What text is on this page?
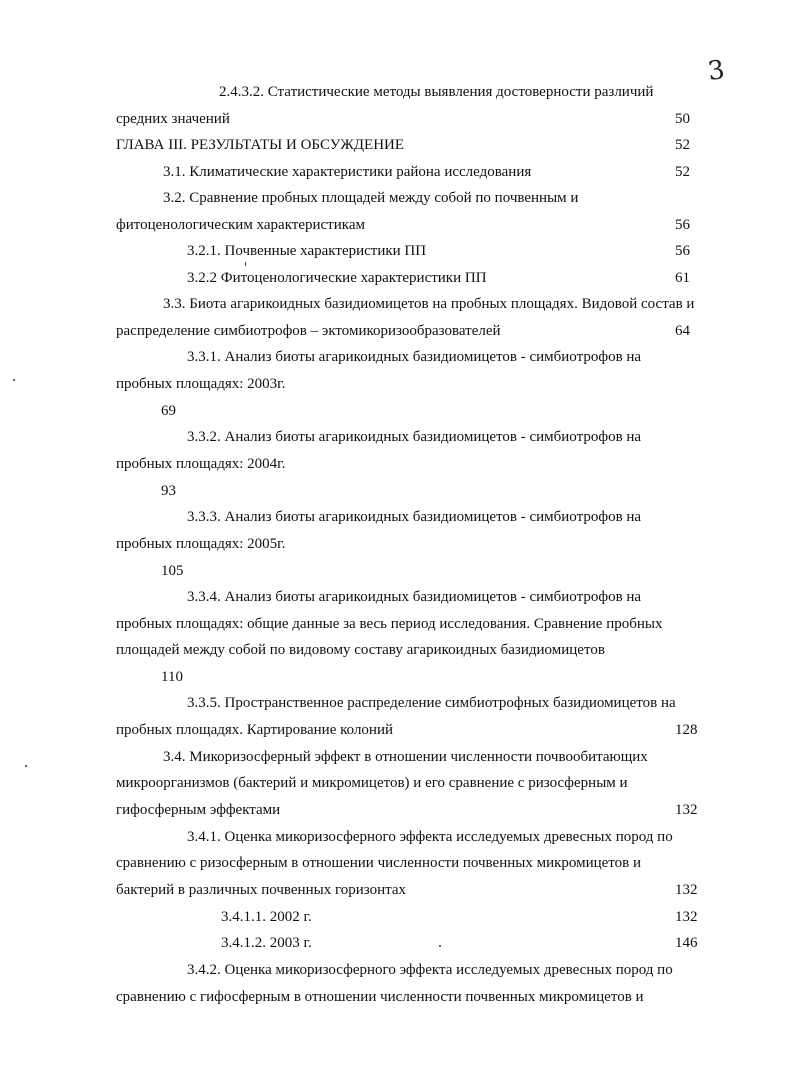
3
2.4.3.2. Статистические методы выявления достоверности различий
средних значений	50
ГЛАВА III. РЕЗУЛЬТАТЫ И ОБСУЖДЕНИЕ	52
3.1. Климатические характеристики района исследования	52
3.2. Сравнение пробных площадей между собой по почвенным и
фитоценологическим характеристикам	56
3.2.1. Почвенные характеристики ПП	56
3.2.2 Фитоценологические характеристики ПП	61
3.3. Биота агарикоидных базидиомицетов на пробных площадях. Видовой состав и
распределение симбиотрофов – эктомикоризообразователей	64
3.3.1. Анализ биоты агарикоидных базидиомицетов - симбиотрофов на
пробных площадях: 2003г.
69
3.3.2. Анализ биоты агарикоидных базидиомицетов - симбиотрофов на
пробных площадях: 2004г.
93
3.3.3. Анализ биоты агарикоидных базидиомицетов - симбиотрофов на
пробных площадях: 2005г.
105
3.3.4. Анализ биоты агарикоидных базидиомицетов - симбиотрофов на
пробных площадях: общие данные за весь период исследования. Сравнение пробных
площадей между собой по видовому составу агарикоидных базидиомицетов
110
3.3.5. Пространственное распределение симбиотрофных базидиомицетов на
пробных площадях. Картирование колоний	128
3.4. Микоризосферный эффект в отношении численности почвообитающих
микроорганизмов (бактерий и микромицетов) и его сравнение с ризосферным и
гифосферным эффектами	132
3.4.1. Оценка микоризосферного эффекта исследуемых древесных пород по
сравнению с ризосферным в отношении численности почвенных микромицетов и
бактерий в различных почвенных горизонтах	132
3.4.1.1. 2002 г.	132
3.4.1.2. 2003 г.	146
3.4.2. Оценка микоризосферного эффекта исследуемых древесных пород по
сравнению с гифосферным в отношении численности почвенных микромицетов и
